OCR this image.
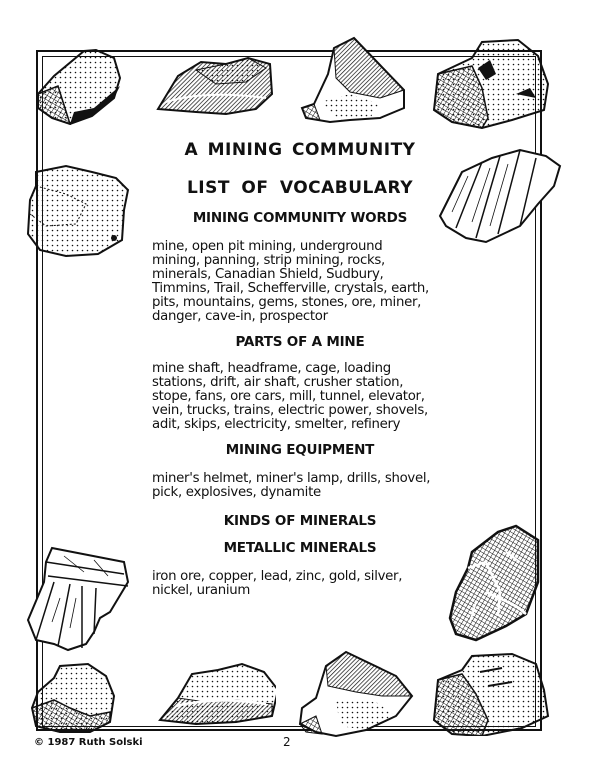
A MINING COMMUNITY
LIST OF VOCABULARY
MINING COMMUNITY WORDS
mine, open pit mining, underground
mining, panning, strip mining, rocks,
minerals, Canadian Shield, Sudbury,
Timmins, Trail, Schefferville, crystals, earth,
pits, mountains, gems, stones, ore, miner,
danger, cave-in, prospector
PARTS OF A MINE
mine shaft, headframe, cage, loading
stations, drift, air shaft, crusher station,
stope, fans, ore cars, mill, tunnel, elevator,
vein, trucks, trains, electric power, shovels,
adit, skips, electricity, smelter, refinery
MINING EQUIPMENT
miner's helmet, miner's lamp, drills, shovel,
pick, explosives, dynamite
KINDS OF MINERALS
METALLIC MINERALS
iron ore, copper, lead, zinc, gold, silver,
nickel, uranium
© 1987 Ruth Solski	2
